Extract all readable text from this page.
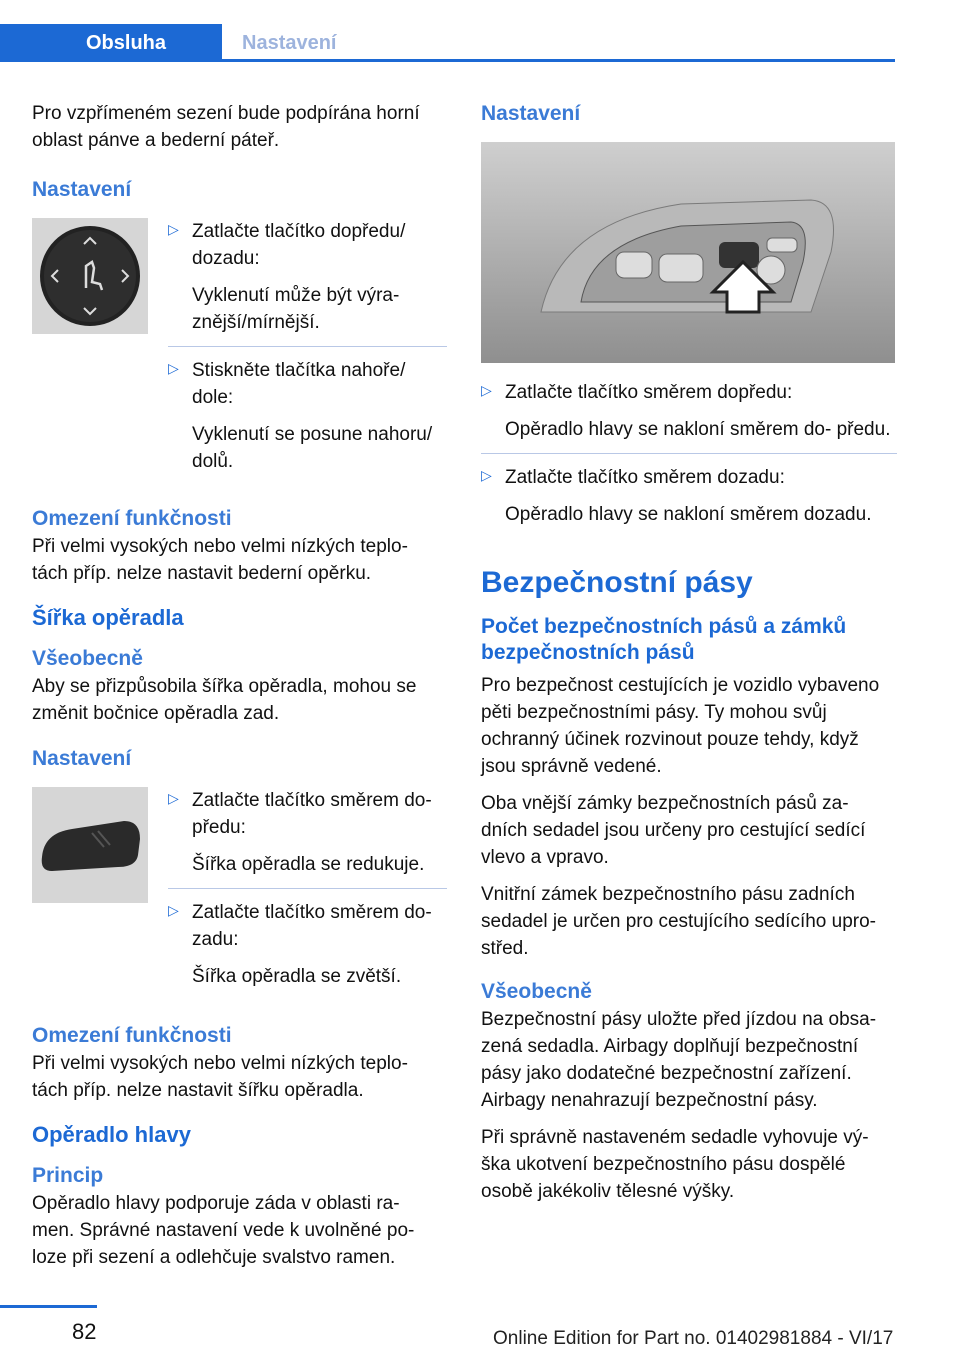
Obsluha	Nastavení

Pro vzpřímeném sezení bude podpírána horní oblast pánve a bederní páteř.

Nastavení
▷ Zatlačte tlačítko dopředu/ dozadu:

Vyklenutí může být výra- znější/mírnější.

▷ Stiskněte tlačítka nahoře/ dole:

Vyklenutí se posune nahoru/ dolů.

Omezení funkčnosti

Při velmi vysokých nebo velmi nízkých teplo- tách příp. nelze nastavit bederní opěrku.

Šířka opěradla
Všeobecně

Aby se přizpůsobila šířka opěradla, mohou se změnit bočnice opěradla zad.

Nastavení
▷ Zatlačte tlačítko směrem do- předu:

Šířka opěradla se redukuje.

▷ Zatlačte tlačítko směrem do- zadu:

Šířka opěradla se zvětší.

Omezení funkčnosti

Při velmi vysokých nebo velmi nízkých teplo- tách příp. nelze nastavit šířku opěradla.

Opěradlo hlavy
Princip

Opěradlo hlavy podporuje záda v oblasti ra- men. Správné nastavení vede k uvolněné po- loze při sezení a odlehčuje svalstvo ramen.

Nastavení
▷ Zatlačte tlačítko směrem dopředu:

Opěradlo hlavy se nakloní směrem do- předu.

▷ Zatlačte tlačítko směrem dozadu:

Opěradlo hlavy se nakloní směrem dozadu.

Bezpečnostní pásy
Počet bezpečnostních pásů a zámků bezpečnostních pásů

Pro bezpečnost cestujících je vozidlo vybaveno pěti bezpečnostními pásy. Ty mohou svůj ochranný účinek rozvinout pouze tehdy, když jsou správně vedené.

Oba vnější zámky bezpečnostních pásů za- dních sedadel jsou určeny pro cestující sedící vlevo a vpravo.

Vnitřní zámek bezpečnostního pásu zadních sedadel je určen pro cestujícího sedícího upro- střed.

Všeobecně

Bezpečnostní pásy uložte před jízdou na obsa- zená sedadla. Airbagy doplňují bezpečnostní pásy jako dodatečné bezpečnostní zařízení. Airbagy nenahrazují bezpečnostní pásy.

Při správně nastaveném sedadle vyhovuje vý- ška ukotvení bezpečnostního pásu dospělé osobě jakékoliv tělesné výšky.

82	Online Edition for Part no. 01402981884 - VI/17
